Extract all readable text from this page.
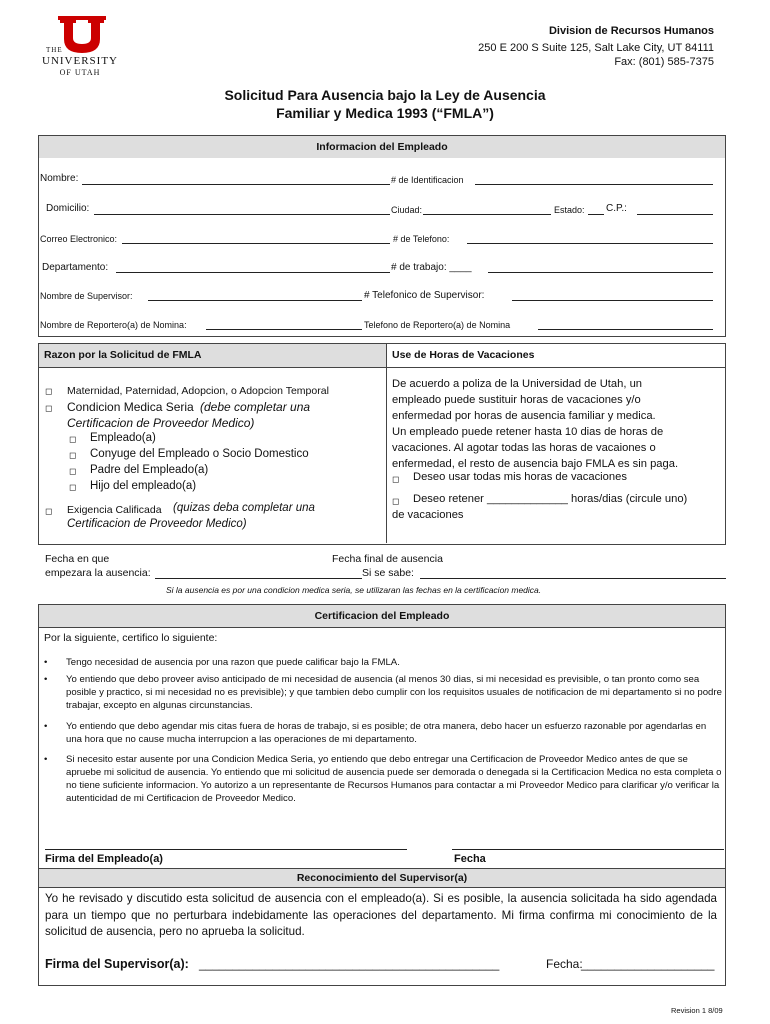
THE
UNIVERSITY
OF UTAH
Division de Recursos Humanos
250 E 200 S Suite 125, Salt Lake City, UT 84111
Fax: (801) 585-7375
Solicitud Para Ausencia bajo la Ley de Ausencia
Familiar y Medica 1993 (“FMLA”)
Informacion del Empleado
Nombre:	# de Identificacion
Domicilio:	Ciudad:	Estado: C.P.:
Correo Electronico:	# de Telefono:
Departamento:	# de trabajo: ____
Nombre de Supervisor:	# Telefonico de Supervisor:
Nombre de Reportero(a) de Nomina:	Telefono de Reportero(a) de Nomina
Razon por la Solicitud de FMLA	Use de Horas de Vacaciones
◻ Maternidad, Paternidad, Adopcion, o Adopcion Temporal
◻ Condicion Medica Seria (debe completar una
Certificacion de Proveedor Medico)
◻ Empleado(a)
◻ Conyuge del Empleado o Socio Domestico
◻ Padre del Empleado(a)
◻ Hijo del empleado(a)
◻ Exigencia Calificada (quizas deba completar una
Certificacion de Proveedor Medico)
De acuerdo a poliza de la Universidad de Utah, un
empleado puede sustituir horas de vacaciones y/o
enfermedad por horas de ausencia familiar y medica.
Un empleado puede retener hasta 10 dias de horas de
vacaciones. Al agotar todas las horas de vacaiones o
enfermedad, el resto de ausencia bajo FMLA es sin paga.
◻ Deseo usar todas mis horas de vacaciones
◻ Deseo retener _____________ horas/dias (circule uno)
de vacaciones
Fecha en que
empezara la ausencia:
Fecha final de ausencia
Si se sabe:
Si la ausencia es por una condicion medica seria, se utilizaran las fechas en la certificacion medica.
Certificacion del Empleado
Por la siguiente, certifico lo siguiente:
• Tengo necesidad de ausencia por una razon que puede calificar bajo la FMLA.
• Yo entiendo que debo proveer aviso anticipado de mi necesidad de ausencia (al menos 30 dias, si mi necesidad es previsible, o tan pronto como sea posible y practico, si mi necesidad no es previsible); y que tambien debo cumplir con los requisitos usuales de notificacion de mi departamento si no podre trabajar, excepto en algunas circunstancias.
• Yo entiendo que debo agendar mis citas fuera de horas de trabajo, si es posible; de otra manera, debo hacer un esfuerzo razonable por agendarlas en una hora que no cause mucha interrupcion a las operaciones de mi departamento.
• Si necesito estar ausente por una Condicion Medica Seria, yo entiendo que debo entregar una Certificacion de Proveedor Medico antes de que se apruebe mi solicitud de ausencia. Yo entiendo que mi solicitud de ausencia puede ser demorada o denegada si la Certificacion Medica no esta completa o no tiene suficiente informacion. Yo autorizo a un representante de Recursos Humanos para contactar a mi Proveedor Medico para clarificar y/o verificar la autenticidad de mi Certificacion de Proveedor Medico.
Firma del Empleado(a)	Fecha
Reconocimiento del Supervisor(a)
Yo he revisado y discutido esta solicitud de ausencia con el empleado(a). Si es posible, la ausencia solicitada ha sido agendada para un tiempo que no perturbara indebidamente las operaciones del departamento. Mi firma confirma mi conocimiento de la solicitud de ausencia, pero no aprueba la solicitud.
Firma del Supervisor(a): _____________________________________________	Fecha:
____________________
Revision 1 8/09
